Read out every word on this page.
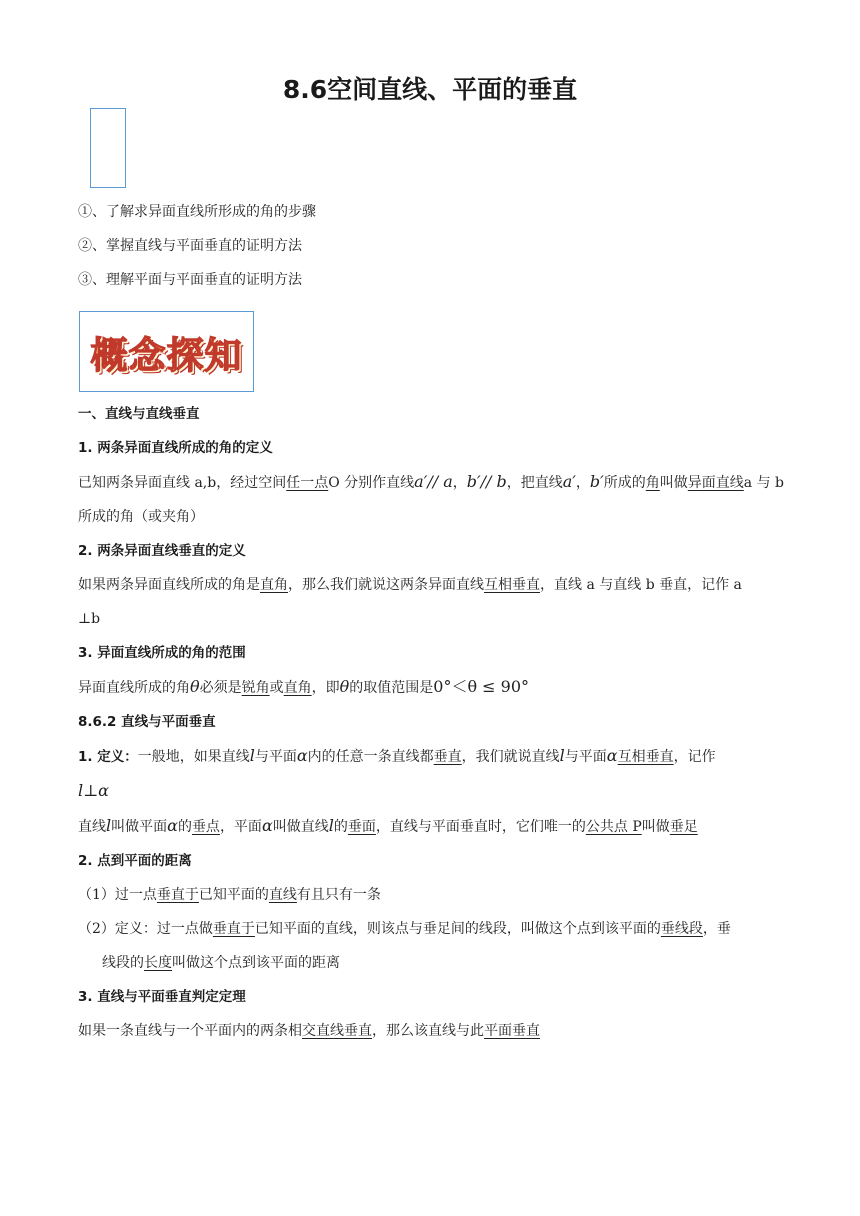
8.6空间直线、平面的垂直
①、了解求异面直线所形成的角的步骤
②、掌握直线与平面垂直的证明方法
③、理解平面与平面垂直的证明方法
概念探知
一、直线与直线垂直
1. 两条异面直线所成的角的定义
已知两条异面直线 a,b，经过空间任一点O 分别作直线a′// a，b′// b，把直线a′，b′所成的角叫做异面直线a 与 b 所成的角（或夹角）
2. 两条异面直线垂直的定义
如果两条异面直线所成的角是直角，那么我们就说这两条异面直线互相垂直，直线 a 与直线 b 垂直，记作 a
⊥b
3. 异面直线所成的角的范围
异面直线所成的角θ必须是锐角或直角，即θ的取值范围是0°＜θ ≤ 90°
8.6.2 直线与平面垂直
1. 定义：一般地，如果直线l与平面α内的任意一条直线都垂直，我们就说直线l与平面α互相垂直，记作
l⊥α
直线l叫做平面α的垂点，平面α叫做直线l的垂面，直线与平面垂直时，它们唯一的公共点 P叫做垂足
2. 点到平面的距离
（1）过一点垂直于已知平面的直线有且只有一条
（2）定义：过一点做垂直于已知平面的直线，则该点与垂足间的线段，叫做这个点到该平面的垂线段，垂
线段的长度叫做这个点到该平面的距离
3. 直线与平面垂直判定定理
如果一条直线与一个平面内的两条相交直线垂直，那么该直线与此平面垂直
